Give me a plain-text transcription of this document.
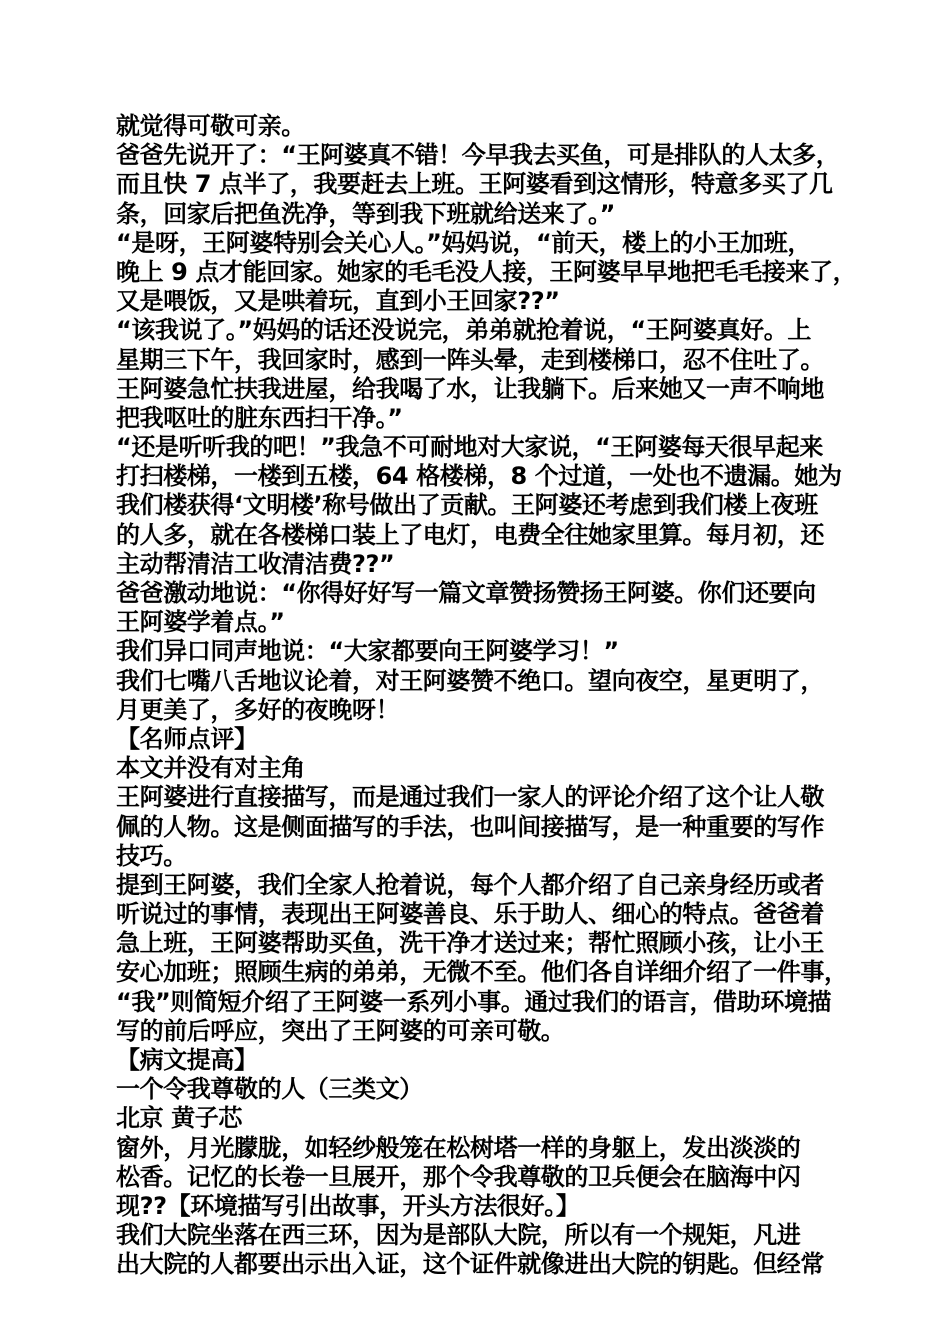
就觉得可敬可亲。
爸爸先说开了：“王阿婆真不错！今早我去买鱼，可是排队的人太多，
而且快 7 点半了，我要赶去上班。王阿婆看到这情形，特意多买了几
条，回家后把鱼洗净，等到我下班就给送来了。”
“是呀，王阿婆特别会关心人。”妈妈说，“前天，楼上的小王加班，
晚上 9 点才能回家。她家的毛毛没人接，王阿婆早早地把毛毛接来了，
又是喂饭，又是哄着玩，直到小王回家??”
“该我说了。”妈妈的话还没说完，弟弟就抢着说，“王阿婆真好。上
星期三下午，我回家时，感到一阵头晕，走到楼梯口，忍不住吐了。
王阿婆急忙扶我进屋，给我喝了水，让我躺下。后来她又一声不响地
把我呕吐的脏东西扫干净。”
“还是听听我的吧！”我急不可耐地对大家说，“王阿婆每天很早起来
打扫楼梯，一楼到五楼，64 格楼梯，8 个过道，一处也不遗漏。她为
我们楼获得‘文明楼’称号做出了贡献。王阿婆还考虑到我们楼上夜班
的人多，就在各楼梯口装上了电灯，电费全往她家里算。每月初，还
主动帮清洁工收清洁费??”
爸爸激动地说：“你得好好写一篇文章赞扬赞扬王阿婆。你们还要向
王阿婆学着点。”
我们异口同声地说：“大家都要向王阿婆学习！”
我们七嘴八舌地议论着，对王阿婆赞不绝口。望向夜空，星更明了，
月更美了，多好的夜晚呀！
【名师点评】
本文并没有对主角
王阿婆进行直接描写，而是通过我们一家人的评论介绍了这个让人敬
佩的人物。这是侧面描写的手法，也叫间接描写，是一种重要的写作
技巧。
提到王阿婆，我们全家人抢着说，每个人都介绍了自己亲身经历或者
听说过的事情，表现出王阿婆善良、乐于助人、细心的特点。爸爸着
急上班，王阿婆帮助买鱼，洗干净才送过来；帮忙照顾小孩，让小王
安心加班；照顾生病的弟弟，无微不至。他们各自详细介绍了一件事，
“我”则简短介绍了王阿婆一系列小事。通过我们的语言，借助环境描
写的前后呼应，突出了王阿婆的可亲可敬。
【病文提高】
一个令我尊敬的人（三类文）
北京 黄子芯
窗外，月光朦胧，如轻纱般笼在松树塔一样的身躯上，发出淡淡的
松香。记忆的长卷一旦展开，那个令我尊敬的卫兵便会在脑海中闪
现??【环境描写引出故事，开头方法很好。】
我们大院坐落在西三环，因为是部队大院，所以有一个规矩，凡进
出大院的人都要出示出入证，这个证件就像进出大院的钥匙。但经常
